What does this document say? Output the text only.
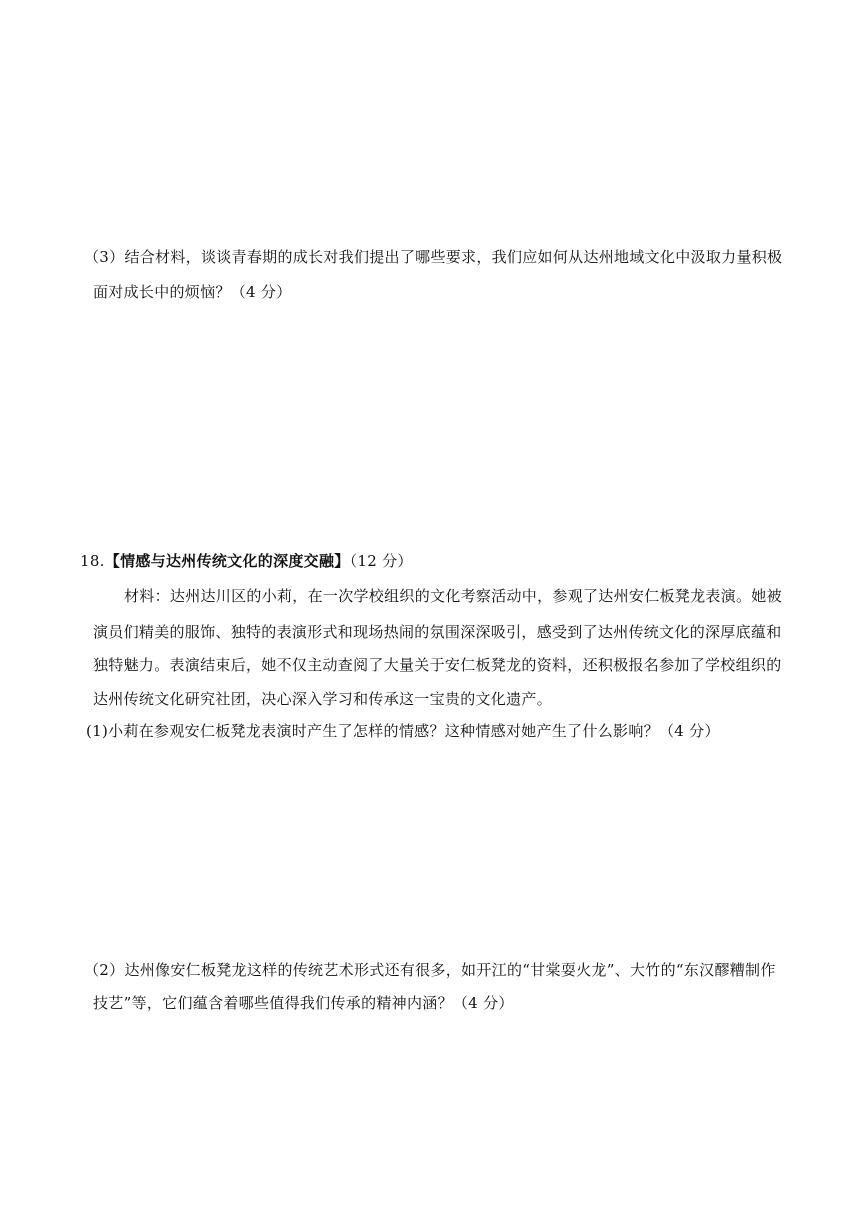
（3）结合材料，谈谈青春期的成长对我们提出了哪些要求，我们应如何从达州地域文化中汲取力量积极
面对成长中的烦恼？（4 分）
18.【情感与达州传统文化的深度交融】（12 分）
材料：达州达川区的小莉，在一次学校组织的文化考察活动中，参观了达州安仁板凳龙表演。她被
演员们精美的服饰、独特的表演形式和现场热闹的氛围深深吸引，感受到了达州传统文化的深厚底蕴和
独特魅力。表演结束后，她不仅主动查阅了大量关于安仁板凳龙的资料，还积极报名参加了学校组织的
达州传统文化研究社团，决心深入学习和传承这一宝贵的文化遗产。
(1)小莉在参观安仁板凳龙表演时产生了怎样的情感？这种情感对她产生了什么影响？（4 分）
（2）达州像安仁板凳龙这样的传统艺术形式还有很多，如开江的“甘棠耍火龙”、大竹的“东汉醪糟制作
技艺”等，它们蕴含着哪些值得我们传承的精神内涵？（4 分）
